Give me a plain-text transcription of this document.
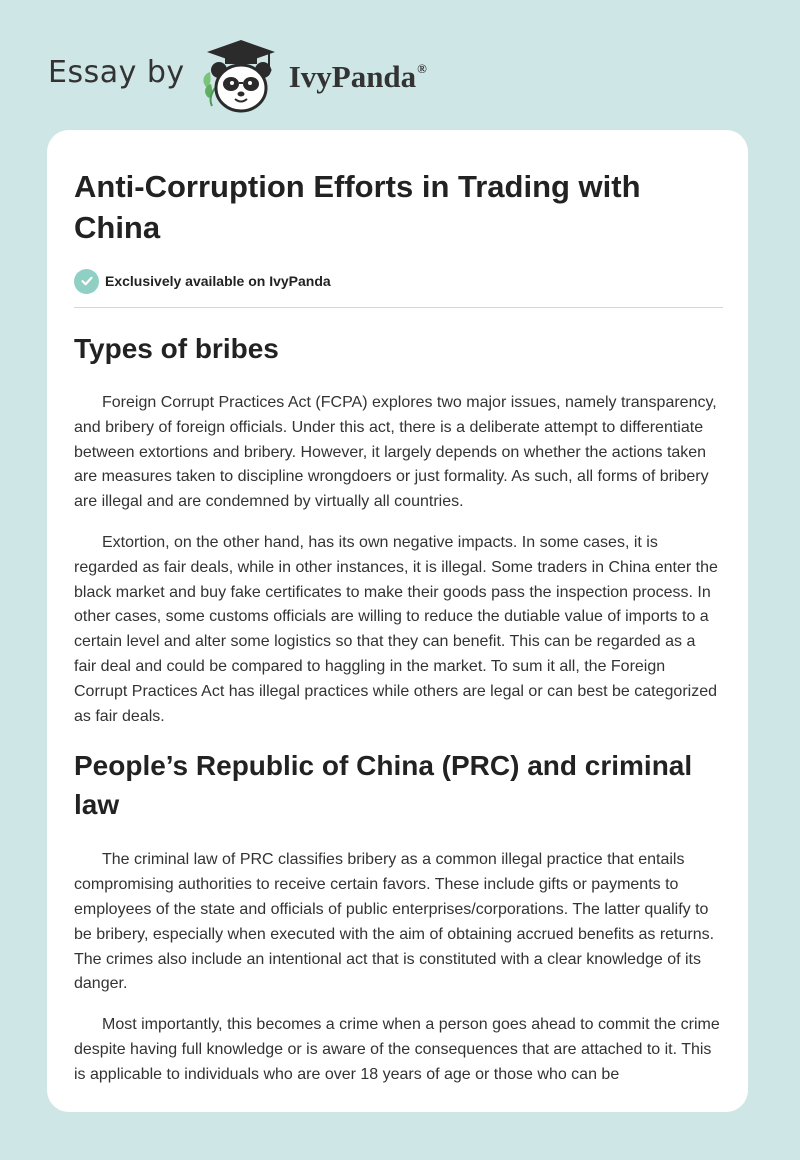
Essay by	IvyPanda®
Anti-Corruption Efforts in Trading with China
Exclusively available on IvyPanda
Types of bribes

Foreign Corrupt Practices Act (FCPA) explores two major issues, namely transparency, and bribery of foreign officials. Under this act, there is a deliberate attempt to differentiate between extortions and bribery. However, it largely depends on whether the actions taken are measures taken to discipline wrongdoers or just formality. As such, all forms of bribery are illegal and are condemned by virtually all countries.

Extortion, on the other hand, has its own negative impacts. In some cases, it is regarded as fair deals, while in other instances, it is illegal. Some traders in China enter the black market and buy fake certificates to make their goods pass the inspection process. In other cases, some customs officials are willing to reduce the dutiable value of imports to a certain level and alter some logistics so that they can benefit. This can be regarded as a fair deal and could be compared to haggling in the market. To sum it all, the Foreign Corrupt Practices Act has illegal practices while others are legal or can best be categorized as fair deals.

People’s Republic of China (PRC) and criminal law

The criminal law of PRC classifies bribery as a common illegal practice that entails compromising authorities to receive certain favors. These include gifts or payments to employees of the state and officials of public enterprises/corporations. The latter qualify to be bribery, especially when executed with the aim of obtaining accrued benefits as returns. The crimes also include an intentional act that is constituted with a clear knowledge of its danger.

Most importantly, this becomes a crime when a person goes ahead to commit the crime despite having full knowledge or is aware of the consequences that are attached to it. This is applicable to individuals who are over 18 years of age or those who can be
